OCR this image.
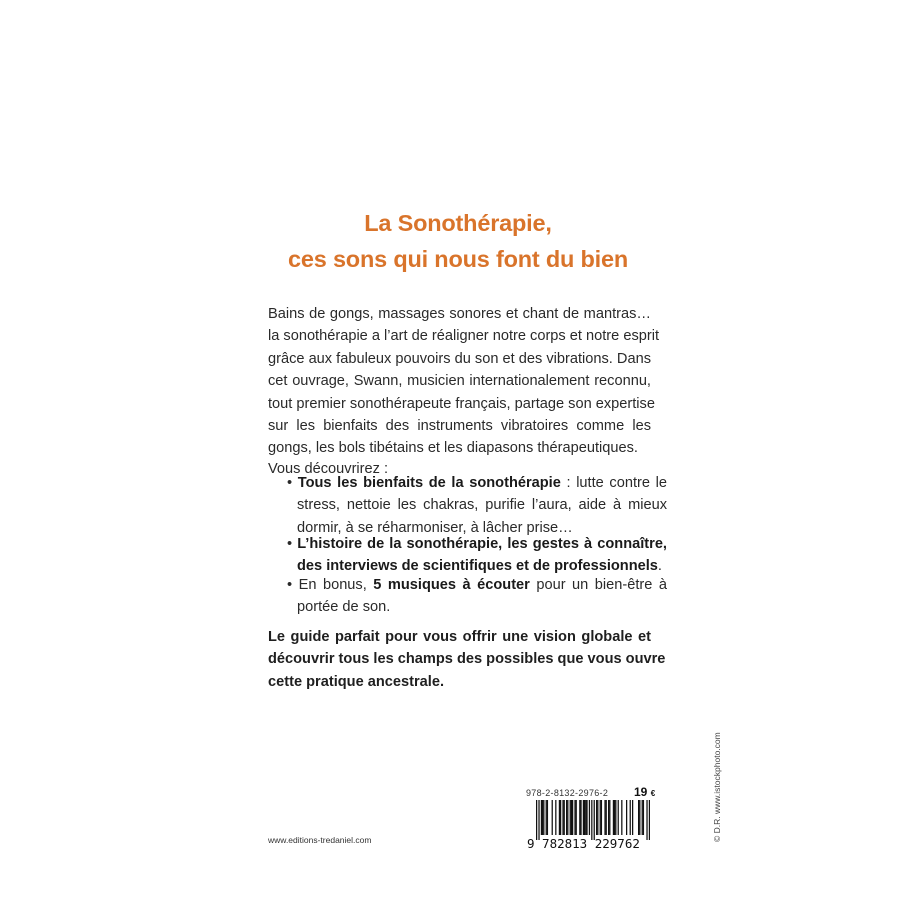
La Sonothérapie,
ces sons qui nous font du bien
Bains de gongs, massages sonores et chant de mantras…
la sonothérapie a l’art de réaligner notre corps et notre esprit
grâce aux fabuleux pouvoirs du son et des vibrations. Dans
cet ouvrage, Swann, musicien internationalement reconnu,
tout premier sonothérapeute français, partage son expertise
sur les bienfaits des instruments vibratoires comme les
gongs, les bols tibétains et les diapasons thérapeutiques.
Vous découvrirez :
• Tous les bienfaits de la sonothérapie : lutte contre le
stress, nettoie les chakras, purifie l’aura, aide à mieux
dormir, à se réharmoniser, à lâcher prise…
• L’histoire de la sonothérapie, les gestes à connaître,
des interviews de scientifiques et de professionnels.
• En bonus, 5 musiques à écouter pour un bien-être à
portée de son.
Le guide parfait pour vous offrir une vision globale et
découvrir tous les champs des possibles que vous ouvre
cette pratique ancestrale.
© D.R. www.istockphoto.com
978-2-8132-2976-2 19 €
9 782813 229762
www.editions-tredaniel.com
